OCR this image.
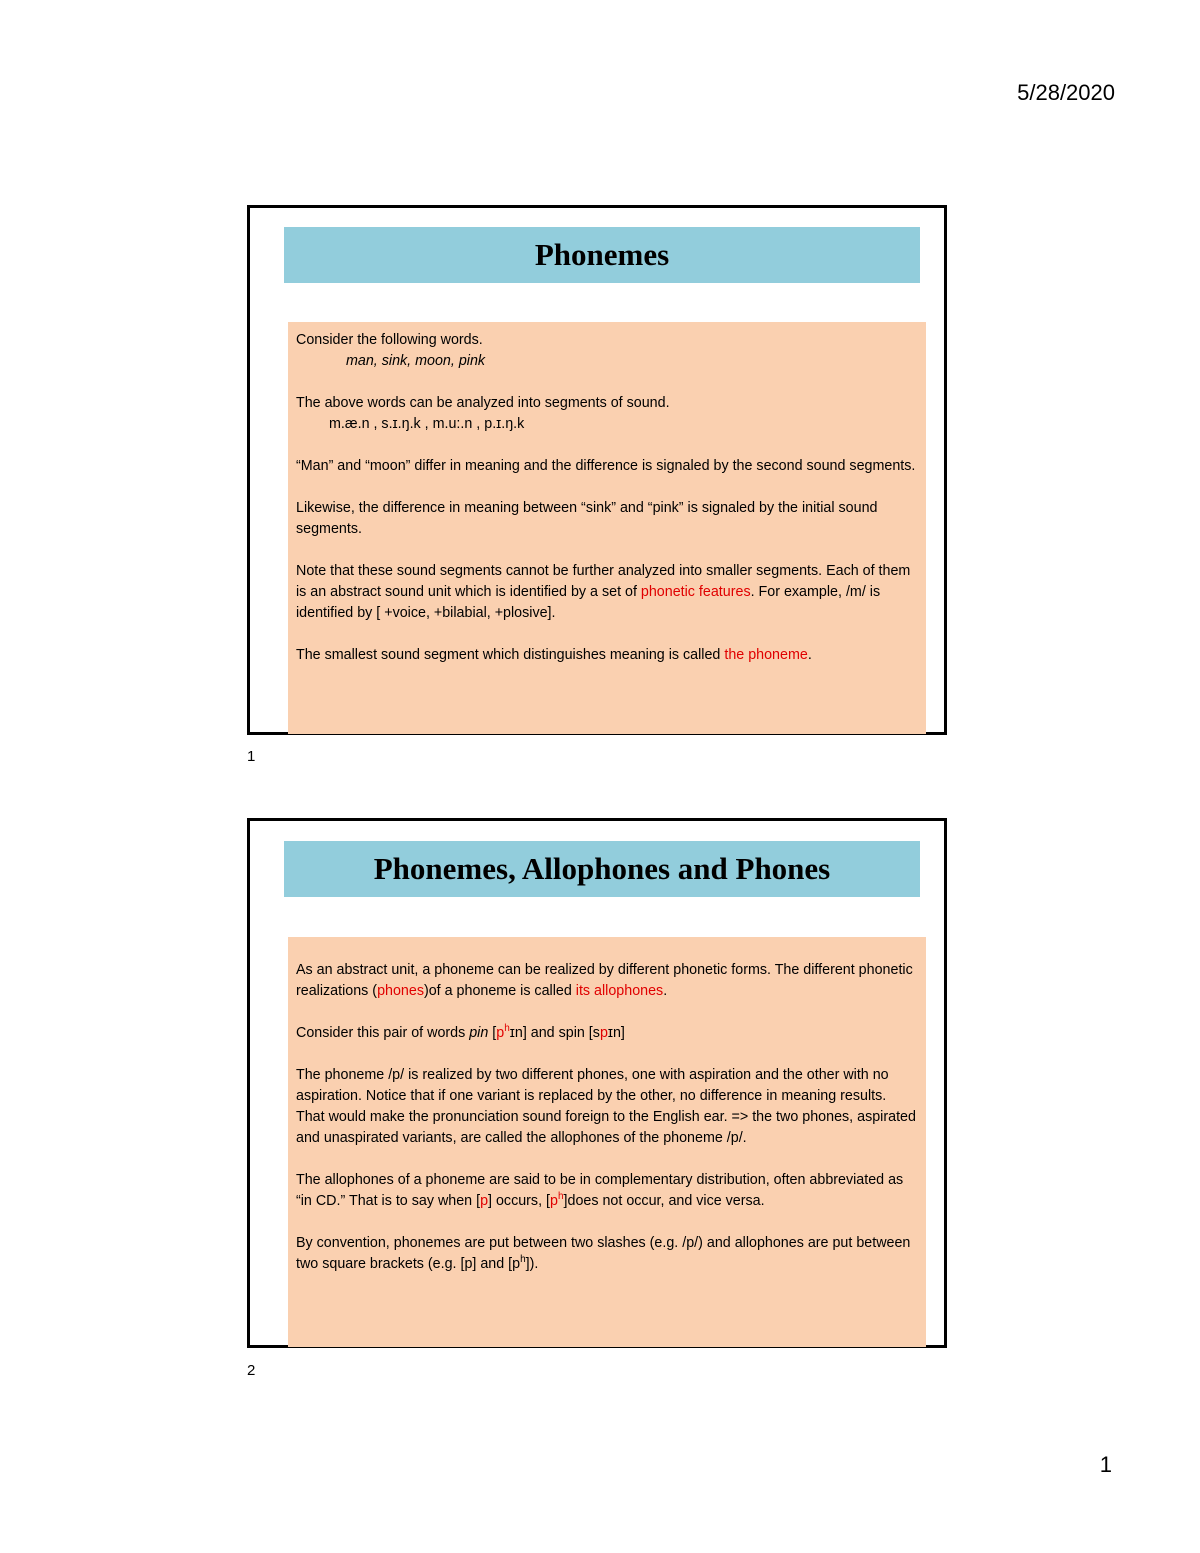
5/28/2020
Phonemes

Consider the following words.

man, sink, moon, pink

The above words can be analyzed into segments of sound.

m.æ.n , s.ɪ.ŋ.k , m.u:.n , p.ɪ.ŋ.k

“Man” and “moon” differ in meaning and the difference is signaled by the second sound segments.

Likewise, the difference in meaning between “sink” and “pink” is signaled by the initial sound segments.

Note that these sound segments cannot be further analyzed into smaller segments. Each of them is an abstract sound unit which is identified by a set of phonetic features. For example, /m/ is identified by [ +voice, +bilabial, +plosive].

The smallest sound segment which distinguishes meaning is called the phoneme.

1
Phonemes, Allophones and Phones

As an abstract unit, a phoneme can be realized by different phonetic forms. The different phonetic realizations (phones)of a phoneme is called its allophones.

Consider this pair of words pin $[p^hɪn]$ and spin [spɪn]

The phoneme /p/ is realized by two different phones, one with aspiration and the other with no aspiration. Notice that if one variant is replaced by the other, no difference in meaning results. That would make the pronunciation sound foreign to the English ear. => the two phones, aspirated and unaspirated variants, are called the allophones of the phoneme /p/.

The allophones of a phoneme are said to be in complementary distribution, often abbreviated as “in CD.” That is to say when [p] occurs, $[p^h]does$ not occur, and vice versa.

By convention, phonemes are put between two slashes (e.g. /p/) and allophones are put between two square brackets (e.g. [p] and $[p^h]$).

2
1
